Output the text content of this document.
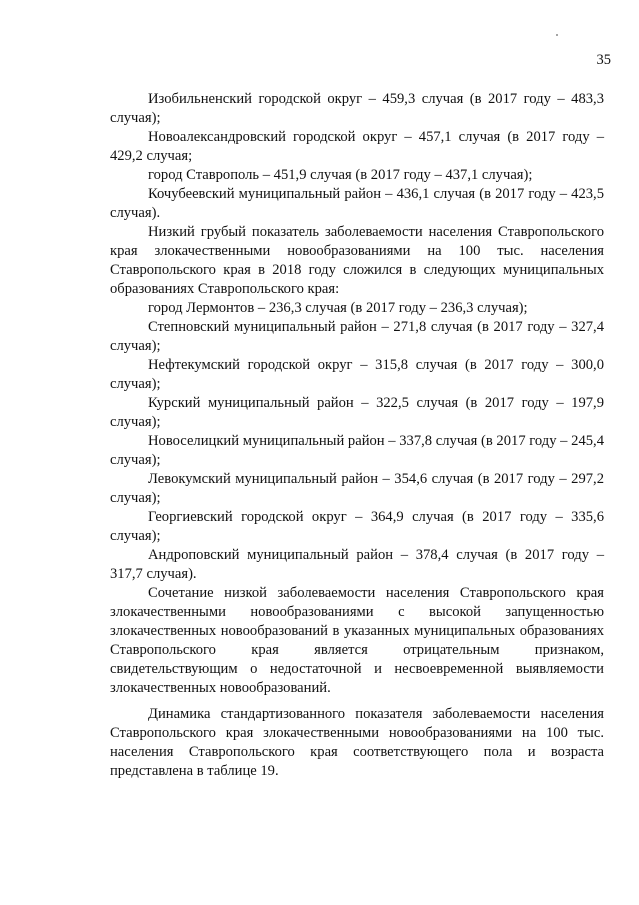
35

Изобильненский городской округ – 459,3 случая (в 2017 году – 483,3 случая);

Новоалександровский городской округ – 457,1 случая (в 2017 году – 429,2 случая;

город Ставрополь – 451,9 случая (в 2017 году – 437,1 случая);

Кочубеевский муниципальный район – 436,1 случая (в 2017 году – 423,5 случая).

Низкий грубый показатель заболеваемости населения Ставропольского края злокачественными новообразованиями на 100 тыс. населения Ставропольского края в 2018 году сложился в следующих муниципальных образованиях Ставропольского края:

город Лермонтов – 236,3 случая (в 2017 году – 236,3 случая);

Степновский муниципальный район – 271,8 случая (в 2017 году – 327,4 случая);

Нефтекумский городской округ – 315,8 случая (в 2017 году – 300,0 случая);

Курский муниципальный район – 322,5 случая (в 2017 году – 197,9 случая);

Новоселицкий муниципальный район – 337,8 случая (в 2017 году – 245,4 случая);

Левокумский муниципальный район – 354,6 случая (в 2017 году – 297,2 случая);

Георгиевский городской округ – 364,9 случая (в 2017 году – 335,6 случая);

Андроповский муниципальный район – 378,4 случая (в 2017 году – 317,7 случая).

Сочетание низкой заболеваемости населения Ставропольского края злокачественными новообразованиями с высокой запущенностью злокачественных новообразований в указанных муниципальных образованиях Ставропольского края является отрицательным признаком, свидетельствующим о недостаточной и несвоевременной выявляемости злокачественных новообразований.

Динамика стандартизованного показателя заболеваемости населения Ставропольского края злокачественными новообразованиями на 100 тыс. населения Ставропольского края соответствующего пола и возраста представлена в таблице 19.
